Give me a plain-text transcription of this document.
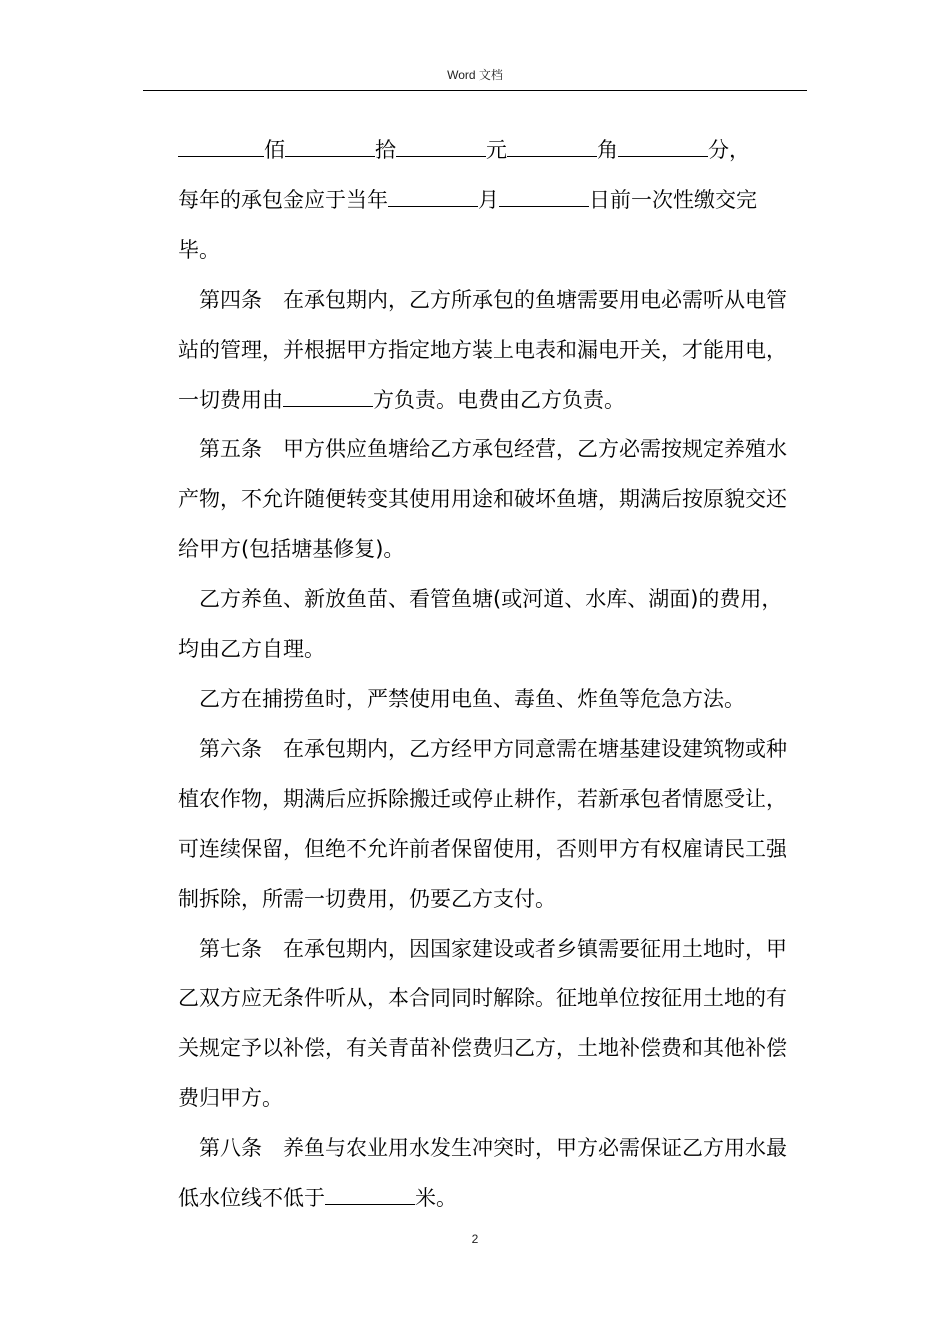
Word 文档

佰	拾	元	角	分，

每年的承包金应于当年	月	日前一次性缴交完毕。

第四条 在承包期内，乙方所承包的鱼塘需要用电必需听从电管站的管理，并根据甲方指定地方装上电表和漏电开关，才能用电，一切费用由	方负责。电费由乙方负责。

第五条 甲方供应鱼塘给乙方承包经营，乙方必需按规定养殖水产物，不允许随便转变其使用用途和破坏鱼塘，期满后按原貌交还给甲方(包括塘基修复)。

乙方养鱼、新放鱼苗、看管鱼塘(或河道、水库、湖面)的费用，均由乙方自理。

乙方在捕捞鱼时，严禁使用电鱼、毒鱼、炸鱼等危急方法。

第六条 在承包期内，乙方经甲方同意需在塘基建设建筑物或种植农作物，期满后应拆除搬迁或停止耕作，若新承包者情愿受让，可连续保留，但绝不允许前者保留使用，否则甲方有权雇请民工强制拆除，所需一切费用，仍要乙方支付。

第七条 在承包期内，因国家建设或者乡镇需要征用土地时，甲乙双方应无条件听从，本合同同时解除。征地单位按征用土地的有关规定予以补偿，有关青苗补偿费归乙方，土地补偿费和其他补偿费归甲方。

第八条 养鱼与农业用水发生冲突时，甲方必需保证乙方用水最低水位线不低于	米。

2
